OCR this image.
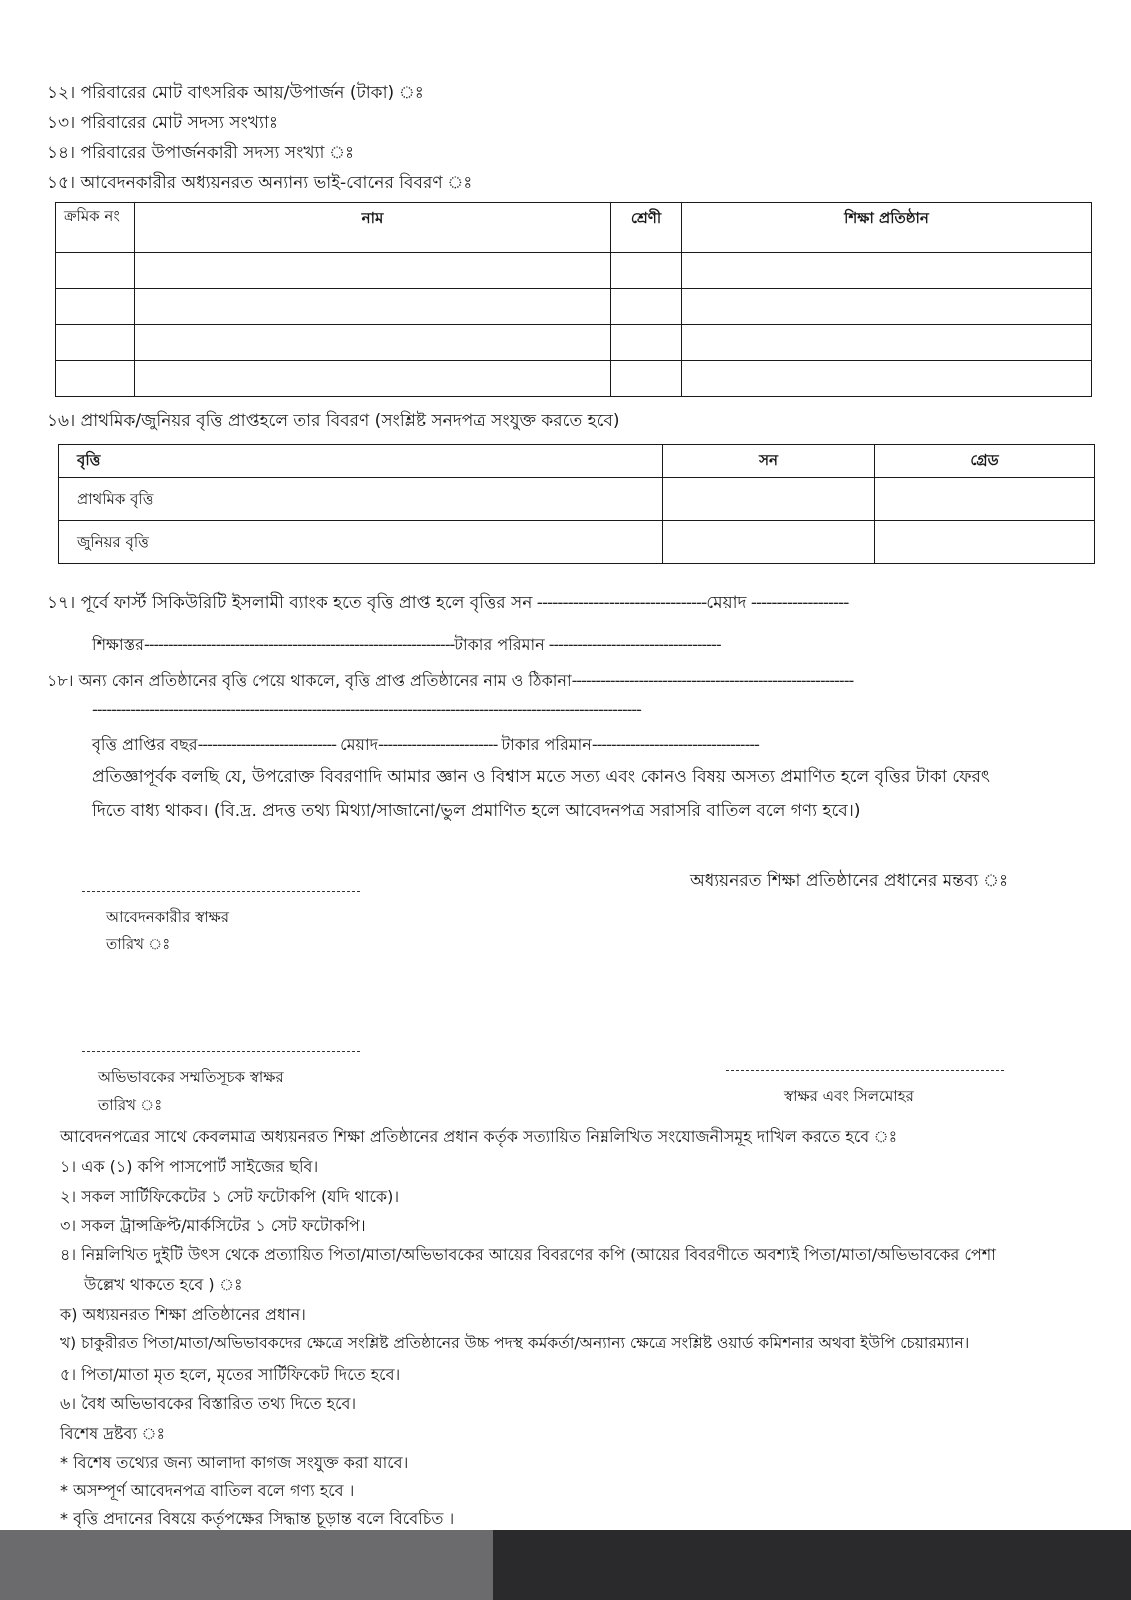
১২। পরিবারের মোট বাৎসরিক আয়/উপার্জন (টাকা) ঃ
১৩। পরিবারের মোট সদস্য সংখ্যাঃ
১৪। পরিবারের উপার্জনকারী সদস্য সংখ্যা ঃ
১৫। আবেদনকারীর অধ্যয়নরত অন্যান্য ভাই-বোনের বিবরণ ঃ
ক্রমিক নং	নাম	শ্রেণী	শিক্ষা প্রতিষ্ঠান

১৬। প্রাথমিক/জুনিয়র বৃত্তি প্রাপ্তহলে তার বিবরণ (সংশ্লিষ্ট সনদপত্র সংযুক্ত করতে হবে)
বৃত্তি	সন	গ্রেড
প্রাথমিক বৃত্তি		
জুনিয়র বৃত্তি		
১৭। পূর্বে ফার্স্ট সিকিউরিটি ইসলামী ব্যাংক হতে বৃত্তি প্রাপ্ত হলে বৃত্তির সন ---------------------------------মেয়াদ -------------------
শিক্ষাস্তর-----------------------------------------------------------------টাকার পরিমান ------------------------------------
১৮। অন্য কোন প্রতিষ্ঠানের বৃত্তি পেয়ে থাকলে, বৃত্তি প্রাপ্ত প্রতিষ্ঠানের নাম ও ঠিকানা-----------------------------------------------------------
-------------------------------------------------------------------------------------------------------------------
বৃত্তি প্রাপ্তির বছর----------------------------- মেয়াদ------------------------- টাকার পরিমান-----------------------------------
প্রতিজ্ঞাপূর্বক বলছি যে, উপরোক্ত বিবরণাদি আমার জ্ঞান ও বিশ্বাস মতে সত্য এবং কোনও বিষয় অসত্য প্রমাণিত হলে বৃত্তির টাকা ফেরৎ
দিতে বাধ্য থাকব। (বি.দ্র. প্রদত্ত তথ্য মিথ্যা/সাজানো/ভুল প্রমাণিত হলে আবেদনপত্র সরাসরি বাতিল বলে গণ্য হবে।)
অধ্যয়নরত শিক্ষা প্রতিষ্ঠানের প্রধানের মন্তব্য ঃ
আবেদনকারীর স্বাক্ষর
তারিখ ঃ
অভিভাবকের সম্মতিসূচক স্বাক্ষর
তারিখ ঃ	স্বাক্ষর এবং সিলমোহর
আবেদনপত্রের সাথে কেবলমাত্র অধ্যয়নরত শিক্ষা প্রতিষ্ঠানের প্রধান কর্তৃক সত্যায়িত নিম্নলিখিত সংযোজনীসমূহ দাখিল করতে হবে ঃ
১। এক (১) কপি পাসপোর্ট সাইজের ছবি।
২। সকল সার্টিফিকেটের ১ সেট ফটোকপি (যদি থাকে)।
৩। সকল ট্রান্সক্রিপ্ট/মার্কসিটের ১ সেট ফটোকপি।
৪। নিম্নলিখিত দুইটি উৎস থেকে প্রত্যায়িত পিতা/মাতা/অভিভাবকের আয়ের বিবরণের কপি (আয়ের বিবরণীতে অবশ্যই পিতা/মাতা/অভিভাবকের পেশা
উল্লেখ থাকতে হবে ) ঃ
ক) অধ্যয়নরত শিক্ষা প্রতিষ্ঠানের প্রধান।
খ) চাকুরীরত পিতা/মাতা/অভিভাবকদের ক্ষেত্রে সংশ্লিষ্ট প্রতিষ্ঠানের উচ্চ পদস্থ কর্মকর্তা/অন্যান্য ক্ষেত্রে সংশ্লিষ্ট ওয়ার্ড কমিশনার অথবা ইউপি চেয়ারম্যান।
৫। পিতা/মাতা মৃত হলে, মৃতের সার্টিফিকেট দিতে হবে।
৬। বৈধ অভিভাবকের বিস্তারিত তথ্য দিতে হবে।
বিশেষ দ্রষ্টব্য ঃ
* বিশেষ তথ্যের জন্য আলাদা কাগজ সংযুক্ত করা যাবে।
* অসম্পূর্ণ আবেদনপত্র বাতিল বলে গণ্য হবে ।
* বৃত্তি প্রদানের বিষয়ে কর্তৃপক্ষের সিদ্ধান্ত চূড়ান্ত বলে বিবেচিত ।
